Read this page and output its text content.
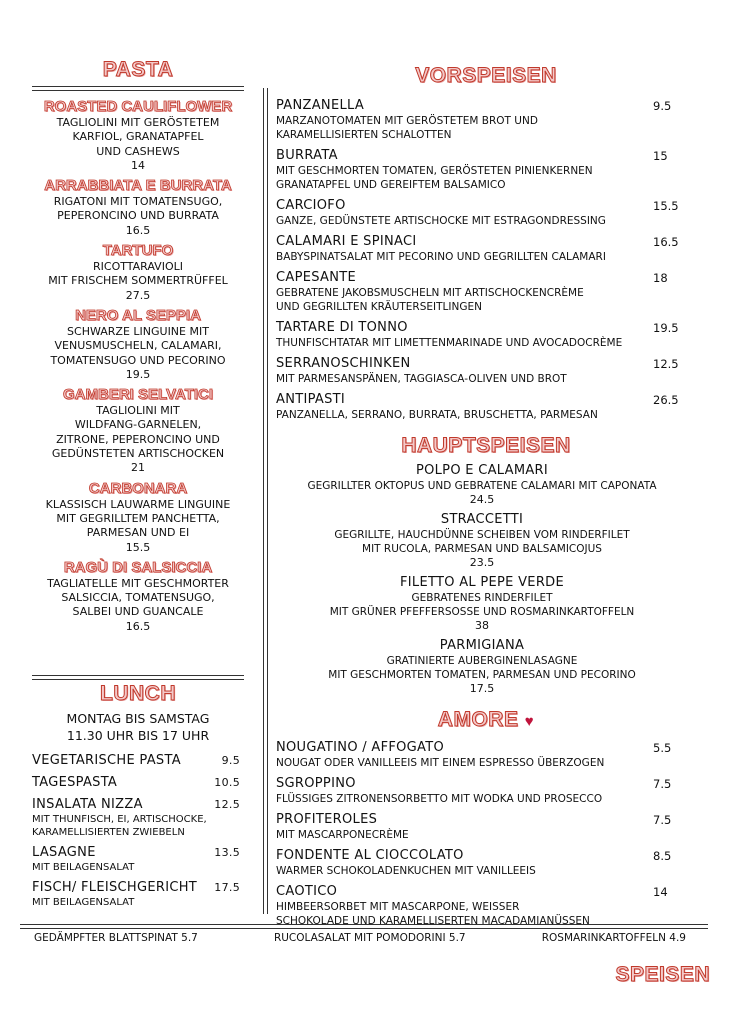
PASTA
ROASTED CAULIFLOWER
TAGLIOLINI MIT GERÖSTETEM
KARFIOL, GRANATAPFEL
UND CASHEWS
14
ARRABBIATA E BURRATA
RIGATONI MIT TOMATENSUGO,
PEPERONCINO UND BURRATA
16.5
TARTUFO
RICOTTARAVIOLI
MIT FRISCHEM SOMMERTRÜFFEL
27.5
NERO AL SEPPIA
SCHWARZE LINGUINE MIT
VENUSMUSCHELN, CALAMARI,
TOMATENSUGO UND PECORINO
19.5
GAMBERI SELVATICI
TAGLIOLINI MIT
WILDFANG-GARNELEN,
ZITRONE, PEPERONCINO UND
GEDÜNSTETEN ARTISCHOCKEN
21
CARBONARA
KLASSISCH LAUWARME LINGUINE
MIT GEGRILLTEM PANCHETTA,
PARMESAN UND EI
15.5
RAGÙ DI SALSICCIA
TAGLIATELLE MIT GESCHMORTER
SALSICCIA, TOMATENSUGO,
SALBEI UND GUANCALE
16.5
LUNCH
MONTAG BIS SAMSTAG
11.30 UHR BIS 17 UHR
VEGETARISCHE PASTA	9.5
TAGESPASTA	10.5
INSALATA NIZZA	12.5
MIT THUNFISCH, EI, ARTISCHOCKE,
KARAMELLISIERTEN ZWIEBELN
LASAGNE	13.5
MIT BEILAGENSALAT
FISCH/ FLEISCHGERICHT 17.5
MIT BEILAGENSALAT
VORSPEISEN
PANZANELLA	9.5
MARZANOTOMATEN MIT GERÖSTETEM BROT UND
KARAMELLISIERTEN SCHALOTTEN
BURRATA	15
MIT GESCHMORTEN TOMATEN, GERÖSTETEN PINIENKERNEN
GRANATAPFEL UND GEREIFTEM BALSAMICO
CARCIOFO	15.5
GANZE, GEDÜNSTETE ARTISCHOCKE MIT ESTRAGONDRESSING
CALAMARI E SPINACI	16.5
BABYSPINATSALAT MIT PECORINO UND GEGRILLTEN CALAMARI
CAPESANTE	18
GEBRATENE JAKOBSMUSCHELN MIT ARTISCHOCKENCRÈME
UND GEGRILLTEN KRÄUTERSEITLINGEN
TARTARE DI TONNO	19.5
THUNFISCHTATAR MIT LIMETTENMARINADE UND AVOCADOCRÈME
SERRANOSCHINKEN	12.5
MIT PARMESANSPÄNEN, TAGGIASCA-OLIVEN UND BROT
ANTIPASTI	26.5
PANZANELLA, SERRANO, BURRATA, BRUSCHETTA, PARMESAN
HAUPTSPEISEN
POLPO E CALAMARI
GEGRILLTER OKTOPUS UND GEBRATENE CALAMARI MIT CAPONATA
24.5
STRACCETTI
GEGRILLTE, HAUCHDÜNNE SCHEIBEN VOM RINDERFILET
MIT RUCOLA, PARMESAN UND BALSAMICOJUS
23.5
FILETTO AL PEPE VERDE
GEBRATENES RINDERFILET
MIT GRÜNER PFEFFERSOSSE UND ROSMARINKARTOFFELN
38
PARMIGIANA
GRATINIERTE AUBERGINENLASAGNE
MIT GESCHMORTEN TOMATEN, PARMESAN UND PECORINO
17.5
AMORE ♥
NOUGATINO / AFFOGATO	5.5
NOUGAT ODER VANILLEEIS MIT EINEM ESPRESSO ÜBERZOGEN
SGROPPINO	7.5
FLÜSSIGES ZITRONENSORBETTO MIT WODKA UND PROSECCO
PROFITEROLES	7.5
MIT MASCARPONECRÈME
FONDENTE AL CIOCCOLATO	8.5
WARMER SCHOKOLADENKUCHEN MIT VANILLEEIS
CAOTICO	14
HIMBEERSORBET MIT MASCARPONE, WEISSER
SCHOKOLADE UND KARAMELLISERTEN MACADAMIANÜSSEN
GEDÄMPFTER BLATTSPINAT 5.7	RUCOLASALAT MIT POMODORINI 5.7	ROSMARINKARTOFFELN 4.9
SPEISEN
